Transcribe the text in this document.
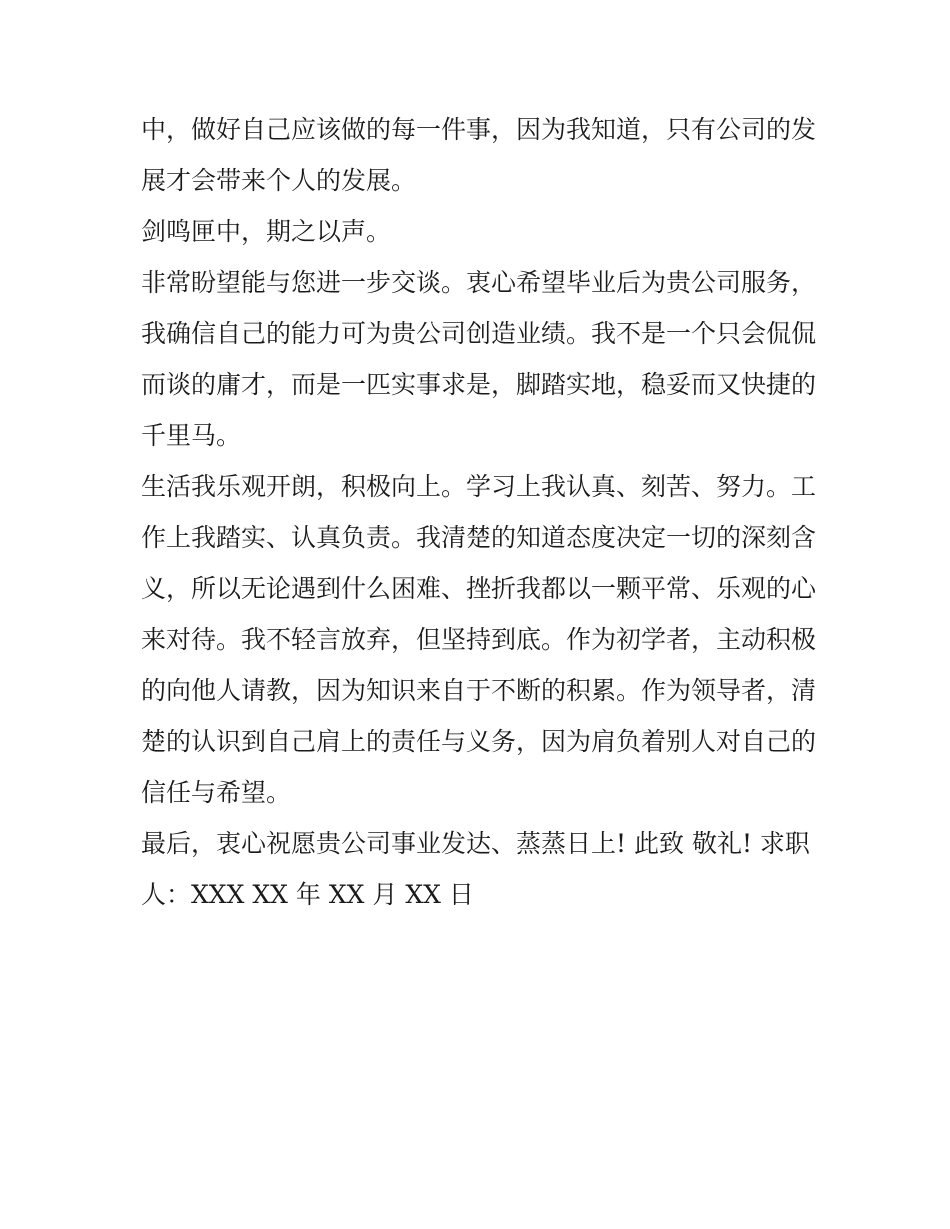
中，做好自己应该做的每一件事，因为我知道，只有公司的发
展才会带来个人的发展。
剑鸣匣中，期之以声。
非常盼望能与您进一步交谈。衷心希望毕业后为贵公司服务，
我确信自己的能力可为贵公司创造业绩。我不是一个只会侃侃
而谈的庸才，而是一匹实事求是，脚踏实地，稳妥而又快捷的
千里马。
生活我乐观开朗，积极向上。学习上我认真、刻苦、努力。工
作上我踏实、认真负责。我清楚的知道态度决定一切的深刻含
义，所以无论遇到什么困难、挫折我都以一颗平常、乐观的心
来对待。我不轻言放弃，但坚持到底。作为初学者，主动积极
的向他人请教，因为知识来自于不断的积累。作为领导者，清
楚的认识到自己肩上的责任与义务，因为肩负着别人对自己的
信任与希望。
最后，衷心祝愿贵公司事业发达、蒸蒸日上! 此致 敬礼! 求职
人：XXX XX 年 XX 月 XX 日
